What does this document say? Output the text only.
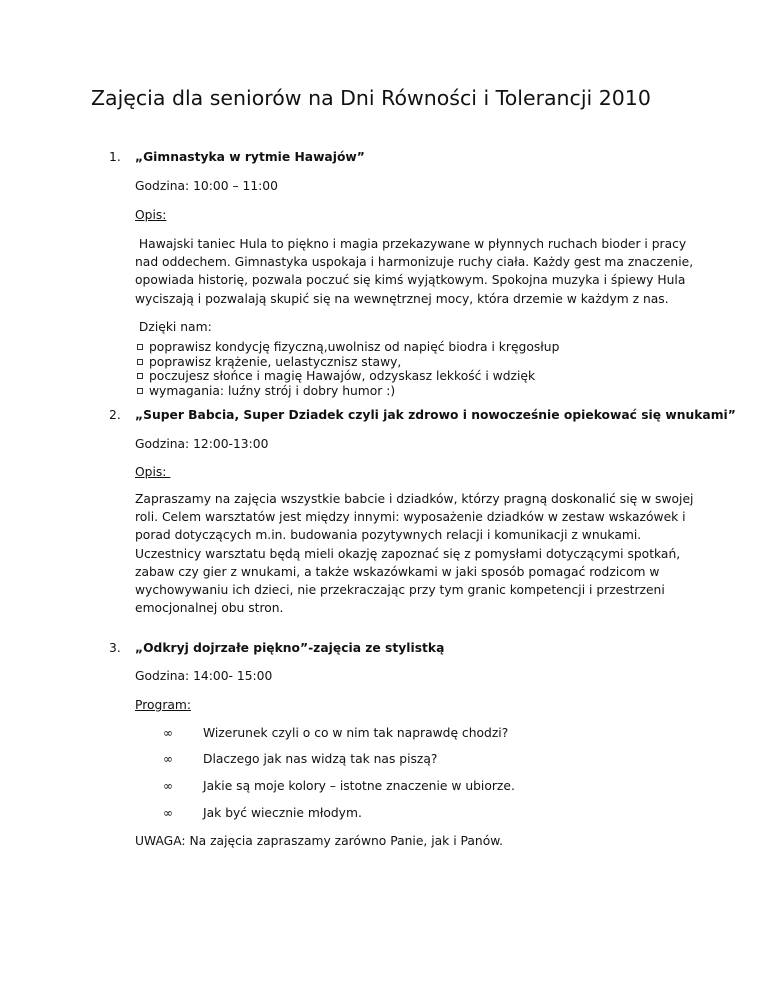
Zajęcia dla seniorów na Dni Równości i Tolerancji 2010
1. „Gimnastyka w rytmie Hawajów”
Godzina: 10:00 – 11:00
Opis:
Hawajski taniec Hula to piękno i magia przekazywane w płynnych ruchach bioder i pracy
nad oddechem. Gimnastyka uspokaja i harmonizuje ruchy ciała. Każdy gest ma znaczenie,
opowiada historię, pozwala poczuć się kimś wyjątkowym. Spokojna muzyka i śpiewy Hula
wyciszają i pozwalają skupić się na wewnętrznej mocy, która drzemie w każdym z nas.
Dzięki nam:
poprawisz kondycję fizyczną,uwolnisz od napięć biodra i kręgosłup
poprawisz krążenie, uelastycznisz stawy,
poczujesz słońce i magię Hawajów, odzyskasz lekkość i wdzięk
wymagania: luźny strój i dobry humor :)
2. „Super Babcia, Super Dziadek czyli jak zdrowo i nowocześnie opiekować się wnukami”
Godzina: 12:00-13:00
Opis:
Zapraszamy na zajęcia wszystkie babcie i dziadków, którzy pragną doskonalić się w swojej
roli. Celem warsztatów jest między innymi: wyposażenie dziadków w zestaw wskazówek i
porad dotyczących m.in. budowania pozytywnych relacji i komunikacji z wnukami.
Uczestnicy warsztatu będą mieli okazję zapoznać się z pomysłami dotyczącymi spotkań,
zabaw czy gier z wnukami, a także wskazówkami w jaki sposób pomagać rodzicom w
wychowywaniu ich dzieci, nie przekraczając przy tym granic kompetencji i przestrzeni
emocjonalnej obu stron.
3. „Odkryj dojrzałe piękno”-zajęcia ze stylistką
Godzina: 14:00- 15:00
Program:
∞	Wizerunek czyli o co w nim tak naprawdę chodzi?
∞	Dlaczego jak nas widzą tak nas piszą?
∞	Jakie są moje kolory – istotne znaczenie w ubiorze.
∞	Jak być wiecznie młodym.
UWAGA: Na zajęcia zapraszamy zarówno Panie, jak i Panów.
